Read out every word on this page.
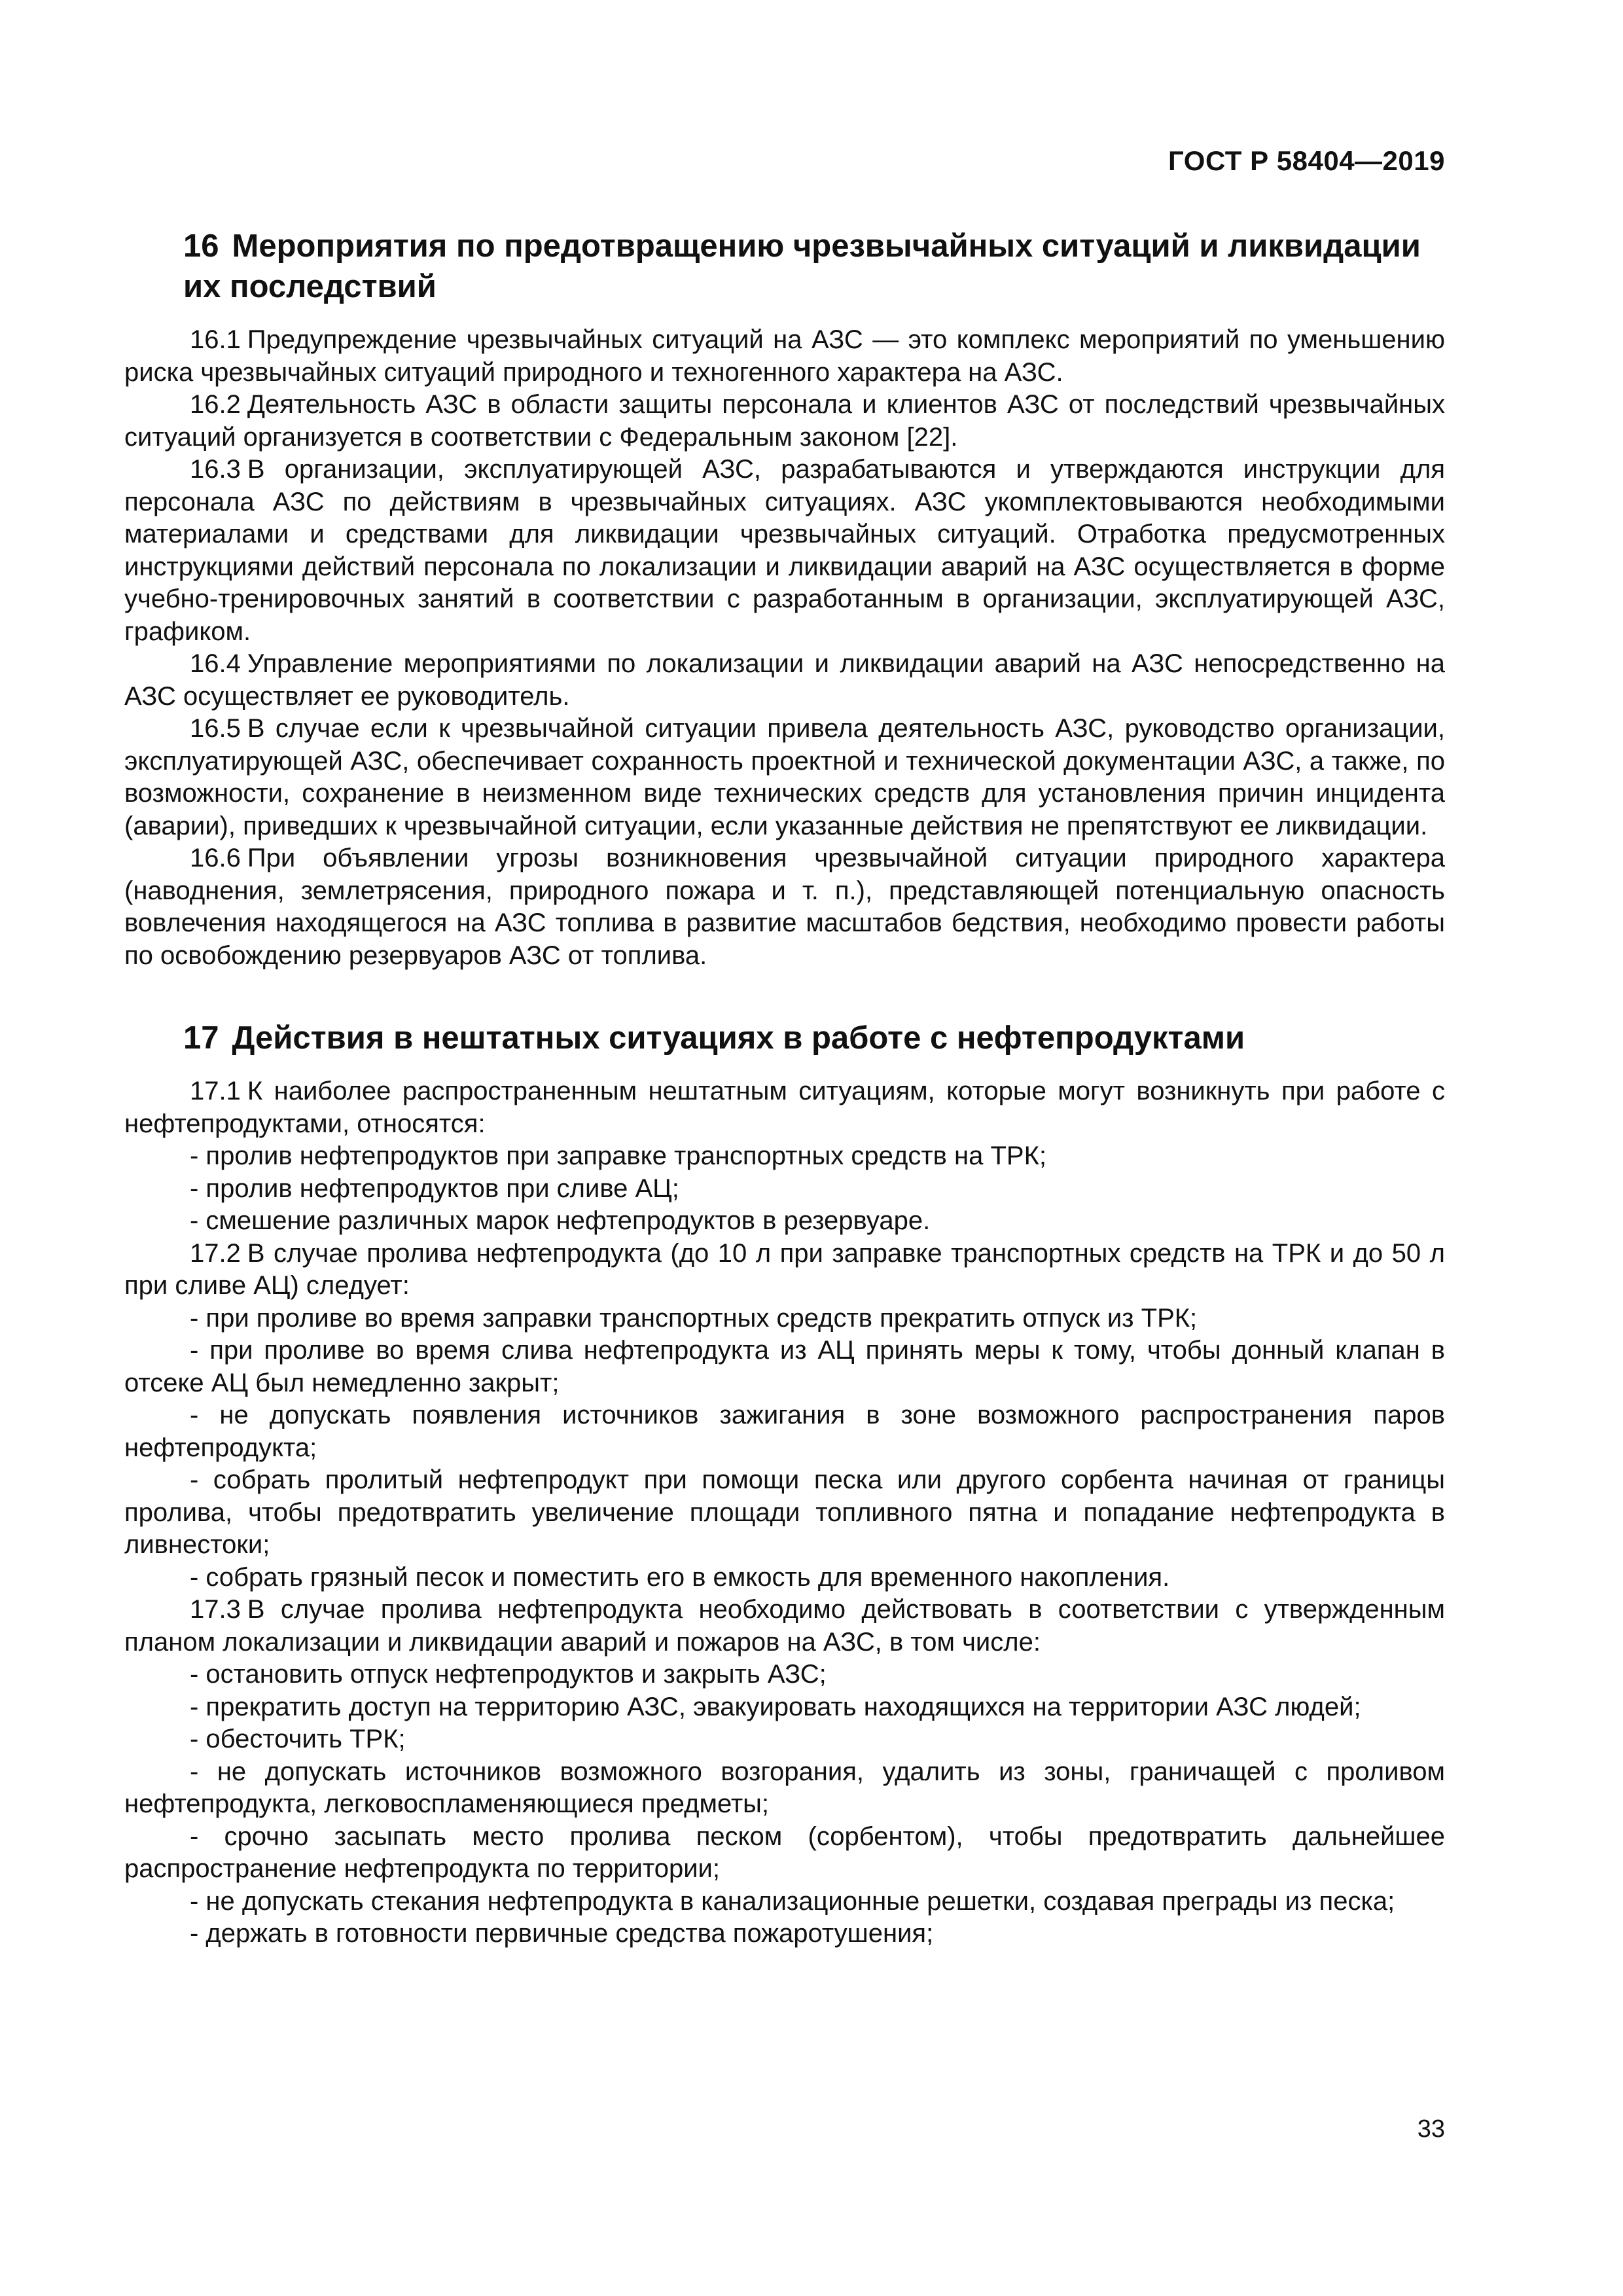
ГОСТ Р 58404—2019
16 Мероприятия по предотвращению чрезвычайных ситуаций и ликвидации их последствий

16.1 Предупреждение чрезвычайных ситуаций на АЗС — это комплекс мероприятий по уменьшению риска чрезвычайных ситуаций природного и техногенного характера на АЗС.

16.2 Деятельность АЗС в области защиты персонала и клиентов АЗС от последствий чрезвычайных ситуаций организуется в соответствии с Федеральным законом [22].

16.3 В организации, эксплуатирующей АЗС, разрабатываются и утверждаются инструкции для персонала АЗС по действиям в чрезвычайных ситуациях. АЗС укомплектовываются необходимыми материалами и средствами для ликвидации чрезвычайных ситуаций. Отработка предусмотренных инструкциями действий персонала по локализации и ликвидации аварий на АЗС осуществляется в форме учебно-тренировочных занятий в соответствии с разработанным в организации, эксплуатирующей АЗС, графиком.

16.4 Управление мероприятиями по локализации и ликвидации аварий на АЗС непосредственно на АЗС осуществляет ее руководитель.

16.5 В случае если к чрезвычайной ситуации привела деятельность АЗС, руководство организации, эксплуатирующей АЗС, обеспечивает сохранность проектной и технической документации АЗС, а также, по возможности, сохранение в неизменном виде технических средств для установления причин инцидента (аварии), приведших к чрезвычайной ситуации, если указанные действия не препятствуют ее ликвидации.

16.6 При объявлении угрозы возникновения чрезвычайной ситуации природного характера (наводнения, землетрясения, природного пожара и т. п.), представляющей потенциальную опасность вовлечения находящегося на АЗС топлива в развитие масштабов бедствия, необходимо провести работы по освобождению резервуаров АЗС от топлива.

17 Действия в нештатных ситуациях в работе с нефтепродуктами

17.1 К наиболее распространенным нештатным ситуациям, которые могут возникнуть при работе с нефтепродуктами, относятся:

- пролив нефтепродуктов при заправке транспортных средств на ТРК;

- пролив нефтепродуктов при сливе АЦ;

- смешение различных марок нефтепродуктов в резервуаре.

17.2 В случае пролива нефтепродукта (до 10 л при заправке транспортных средств на ТРК и до 50 л при сливе АЦ) следует:

- при проливе во время заправки транспортных средств прекратить отпуск из ТРК;

- при проливе во время слива нефтепродукта из АЦ принять меры к тому, чтобы донный клапан в отсеке АЦ был немедленно закрыт;

- не допускать появления источников зажигания в зоне возможного распространения паров нефтепродукта;

- собрать пролитый нефтепродукт при помощи песка или другого сорбента начиная от границы пролива, чтобы предотвратить увеличение площади топливного пятна и попадание нефтепродукта в ливнестоки;

- собрать грязный песок и поместить его в емкость для временного накопления.

17.3 В случае пролива нефтепродукта необходимо действовать в соответствии с утвержденным планом локализации и ликвидации аварий и пожаров на АЗС, в том числе:

- остановить отпуск нефтепродуктов и закрыть АЗС;

- прекратить доступ на территорию АЗС, эвакуировать находящихся на территории АЗС людей;

- обесточить ТРК;

- не допускать источников возможного возгорания, удалить из зоны, граничащей с проливом нефтепродукта, легковоспламеняющиеся предметы;

- срочно засыпать место пролива песком (сорбентом), чтобы предотвратить дальнейшее распространение нефтепродукта по территории;

- не допускать стекания нефтепродукта в канализационные решетки, создавая преграды из песка;

- держать в готовности первичные средства пожаротушения;

33
